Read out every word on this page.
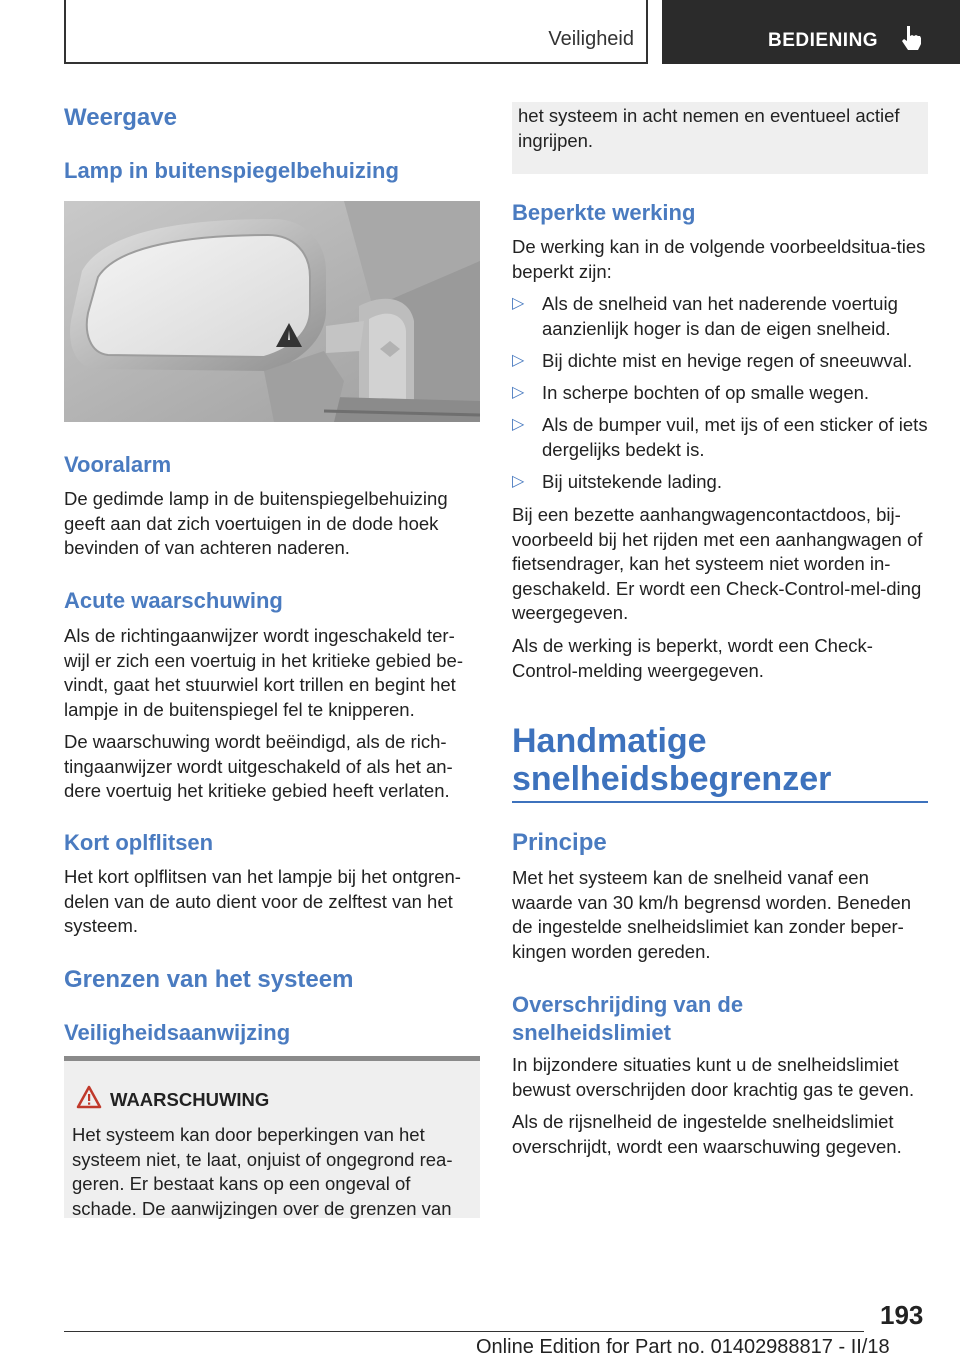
Veiligheid	BEDIENING
Weergave
Lamp in buitenspiegelbehuizing
Vooralarm

De gedimde lamp in de buitenspiegelbehuizing geeft aan dat zich voertuigen in de dode hoek bevinden of van achteren naderen.

Acute waarschuwing

Als de richtingaanwijzer wordt ingeschakeld ter-wijl er zich een voertuig in het kritieke gebied be-vindt, gaat het stuurwiel kort trillen en begint het lampje in de buitenspiegel fel te knipperen.

De waarschuwing wordt beëindigd, als de rich-tingaanwijzer wordt uitgeschakeld of als het an-dere voertuig het kritieke gebied heeft verlaten.

Kort oplflitsen

Het kort oplflitsen van het lampje bij het ontgren-delen van de auto dient voor de zelftest van het systeem.

Grenzen van het systeem
Veiligheidsaanwijzing
WAARSCHUWING
Het systeem kan door beperkingen van het systeem niet, te laat, onjuist of ongegrond rea-geren. Er bestaat kans op een ongeval of schade. De aanwijzingen over de grenzen van
het systeem in acht nemen en eventueel actief ingrijpen.
Beperkte werking

De werking kan in de volgende voorbeeldsitua-ties beperkt zijn:

▷ Als de snelheid van het naderende voertuig aanzienlijk hoger is dan de eigen snelheid.
▷ Bij dichte mist en hevige regen of sneeuwval.
▷ In scherpe bochten of op smalle wegen.
▷ Als de bumper vuil, met ijs of een sticker of iets dergelijks bedekt is.
▷ Bij uitstekende lading.

Bij een bezette aanhangwagencontactdoos, bij-voorbeeld bij het rijden met een aanhangwagen of fietsendrager, kan het systeem niet worden in-geschakeld. Er wordt een Check-Control-mel-ding weergegeven.

Als de werking is beperkt, wordt een Check-Control-melding weergegeven.

Handmatige
snelheidsbegrenzer
Principe

Met het systeem kan de snelheid vanaf een waarde van 30 km/h begrensd worden. Beneden de ingestelde snelheidslimiet kan zonder beper-kingen worden gereden.

Overschrijding van de
snelheidslimiet

In bijzondere situaties kunt u de snelheidslimiet bewust overschrijden door krachtig gas te geven.

Als de rijsnelheid de ingestelde snelheidslimiet overschrijdt, wordt een waarschuwing gegeven.

193
Online Edition for Part no. 01402988817 - II/18
